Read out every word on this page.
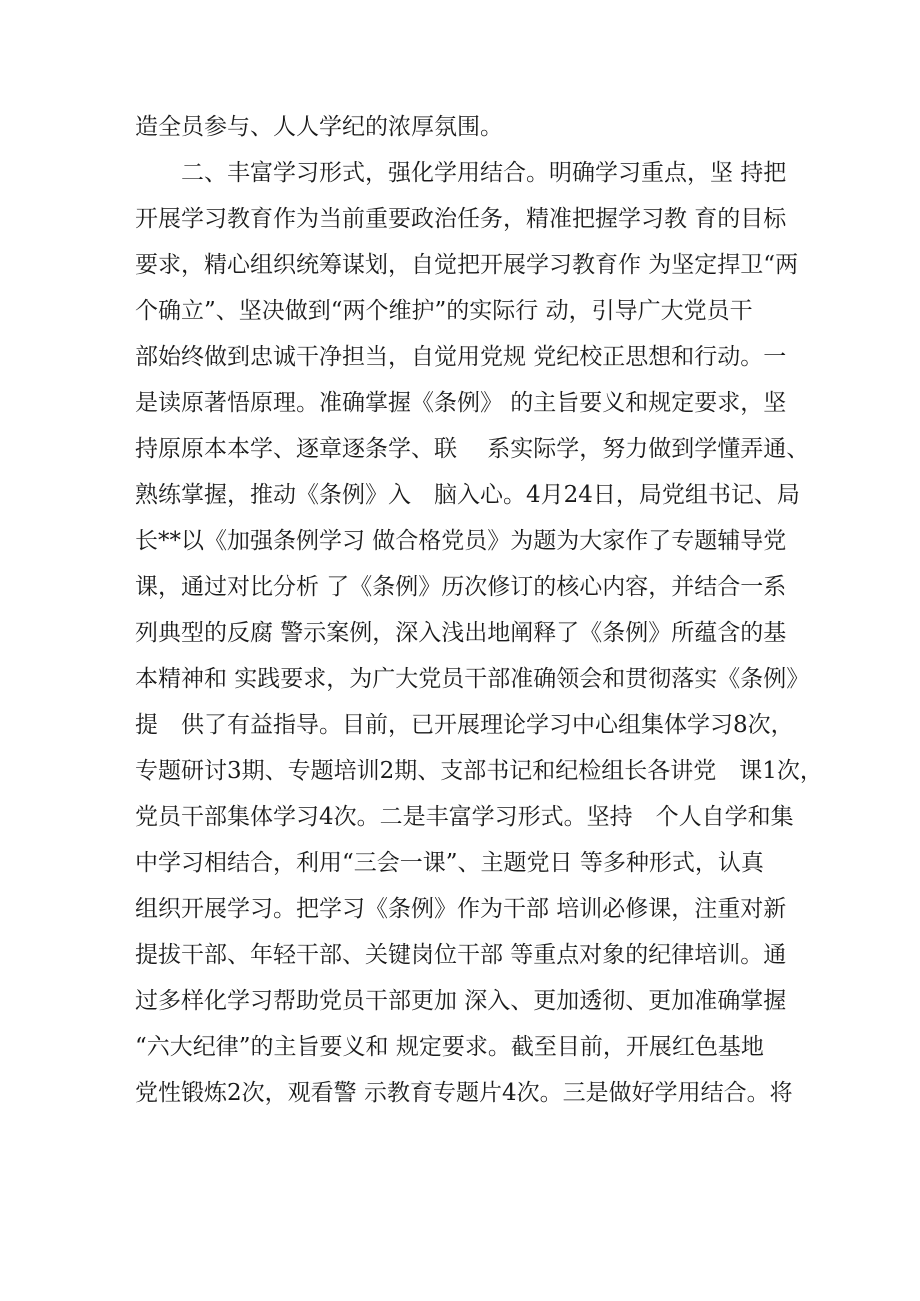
造全员参与、人人学纪的浓厚氛围。
二、丰富学习形式，强化学用结合。明确学习重点，坚 持把
开展学习教育作为当前重要政治任务，精准把握学习教 育的目标
要求，精心组织统筹谋划，自觉把开展学习教育作 为坚定捍卫“两
个确立”、坚决做到“两个维护”的实际行 动，引导广大党员干
部始终做到忠诚干净担当，自觉用党规 党纪校正思想和行动。一
是读原著悟原理。准确掌握《条例》 的主旨要义和规定要求，坚
持原原本本学、逐章逐条学、联　 系实际学，努力做到学懂弄通、
熟练掌握，推动《条例》入　脑入心。4月24日，局党组书记、局
长**以《加强条例学习 做合格党员》为题为大家作了专题辅导党
课，通过对比分析 了《条例》历次修订的核心内容，并结合一系
列典型的反腐 警示案例，深入浅出地阐释了《条例》所蕴含的基
本精神和 实践要求，为广大党员干部准确领会和贯彻落实《条例》
提　供了有益指导。目前，已开展理论学习中心组集体学习8次，
专题研讨3期、专题培训2期、支部书记和纪检组长各讲党　课1次，
党员干部集体学习4次。二是丰富学习形式。坚持　个人自学和集
中学习相结合，利用“三会一课”、主题党日 等多种形式，认真
组织开展学习。把学习《条例》作为干部 培训必修课，注重对新
提拔干部、年轻干部、关键岗位干部 等重点对象的纪律培训。通
过多样化学习帮助党员干部更加 深入、更加透彻、更加准确掌握
“六大纪律”的主旨要义和 规定要求。截至目前，开展红色基地
党性锻炼2次，观看警 示教育专题片4次。三是做好学用结合。将
